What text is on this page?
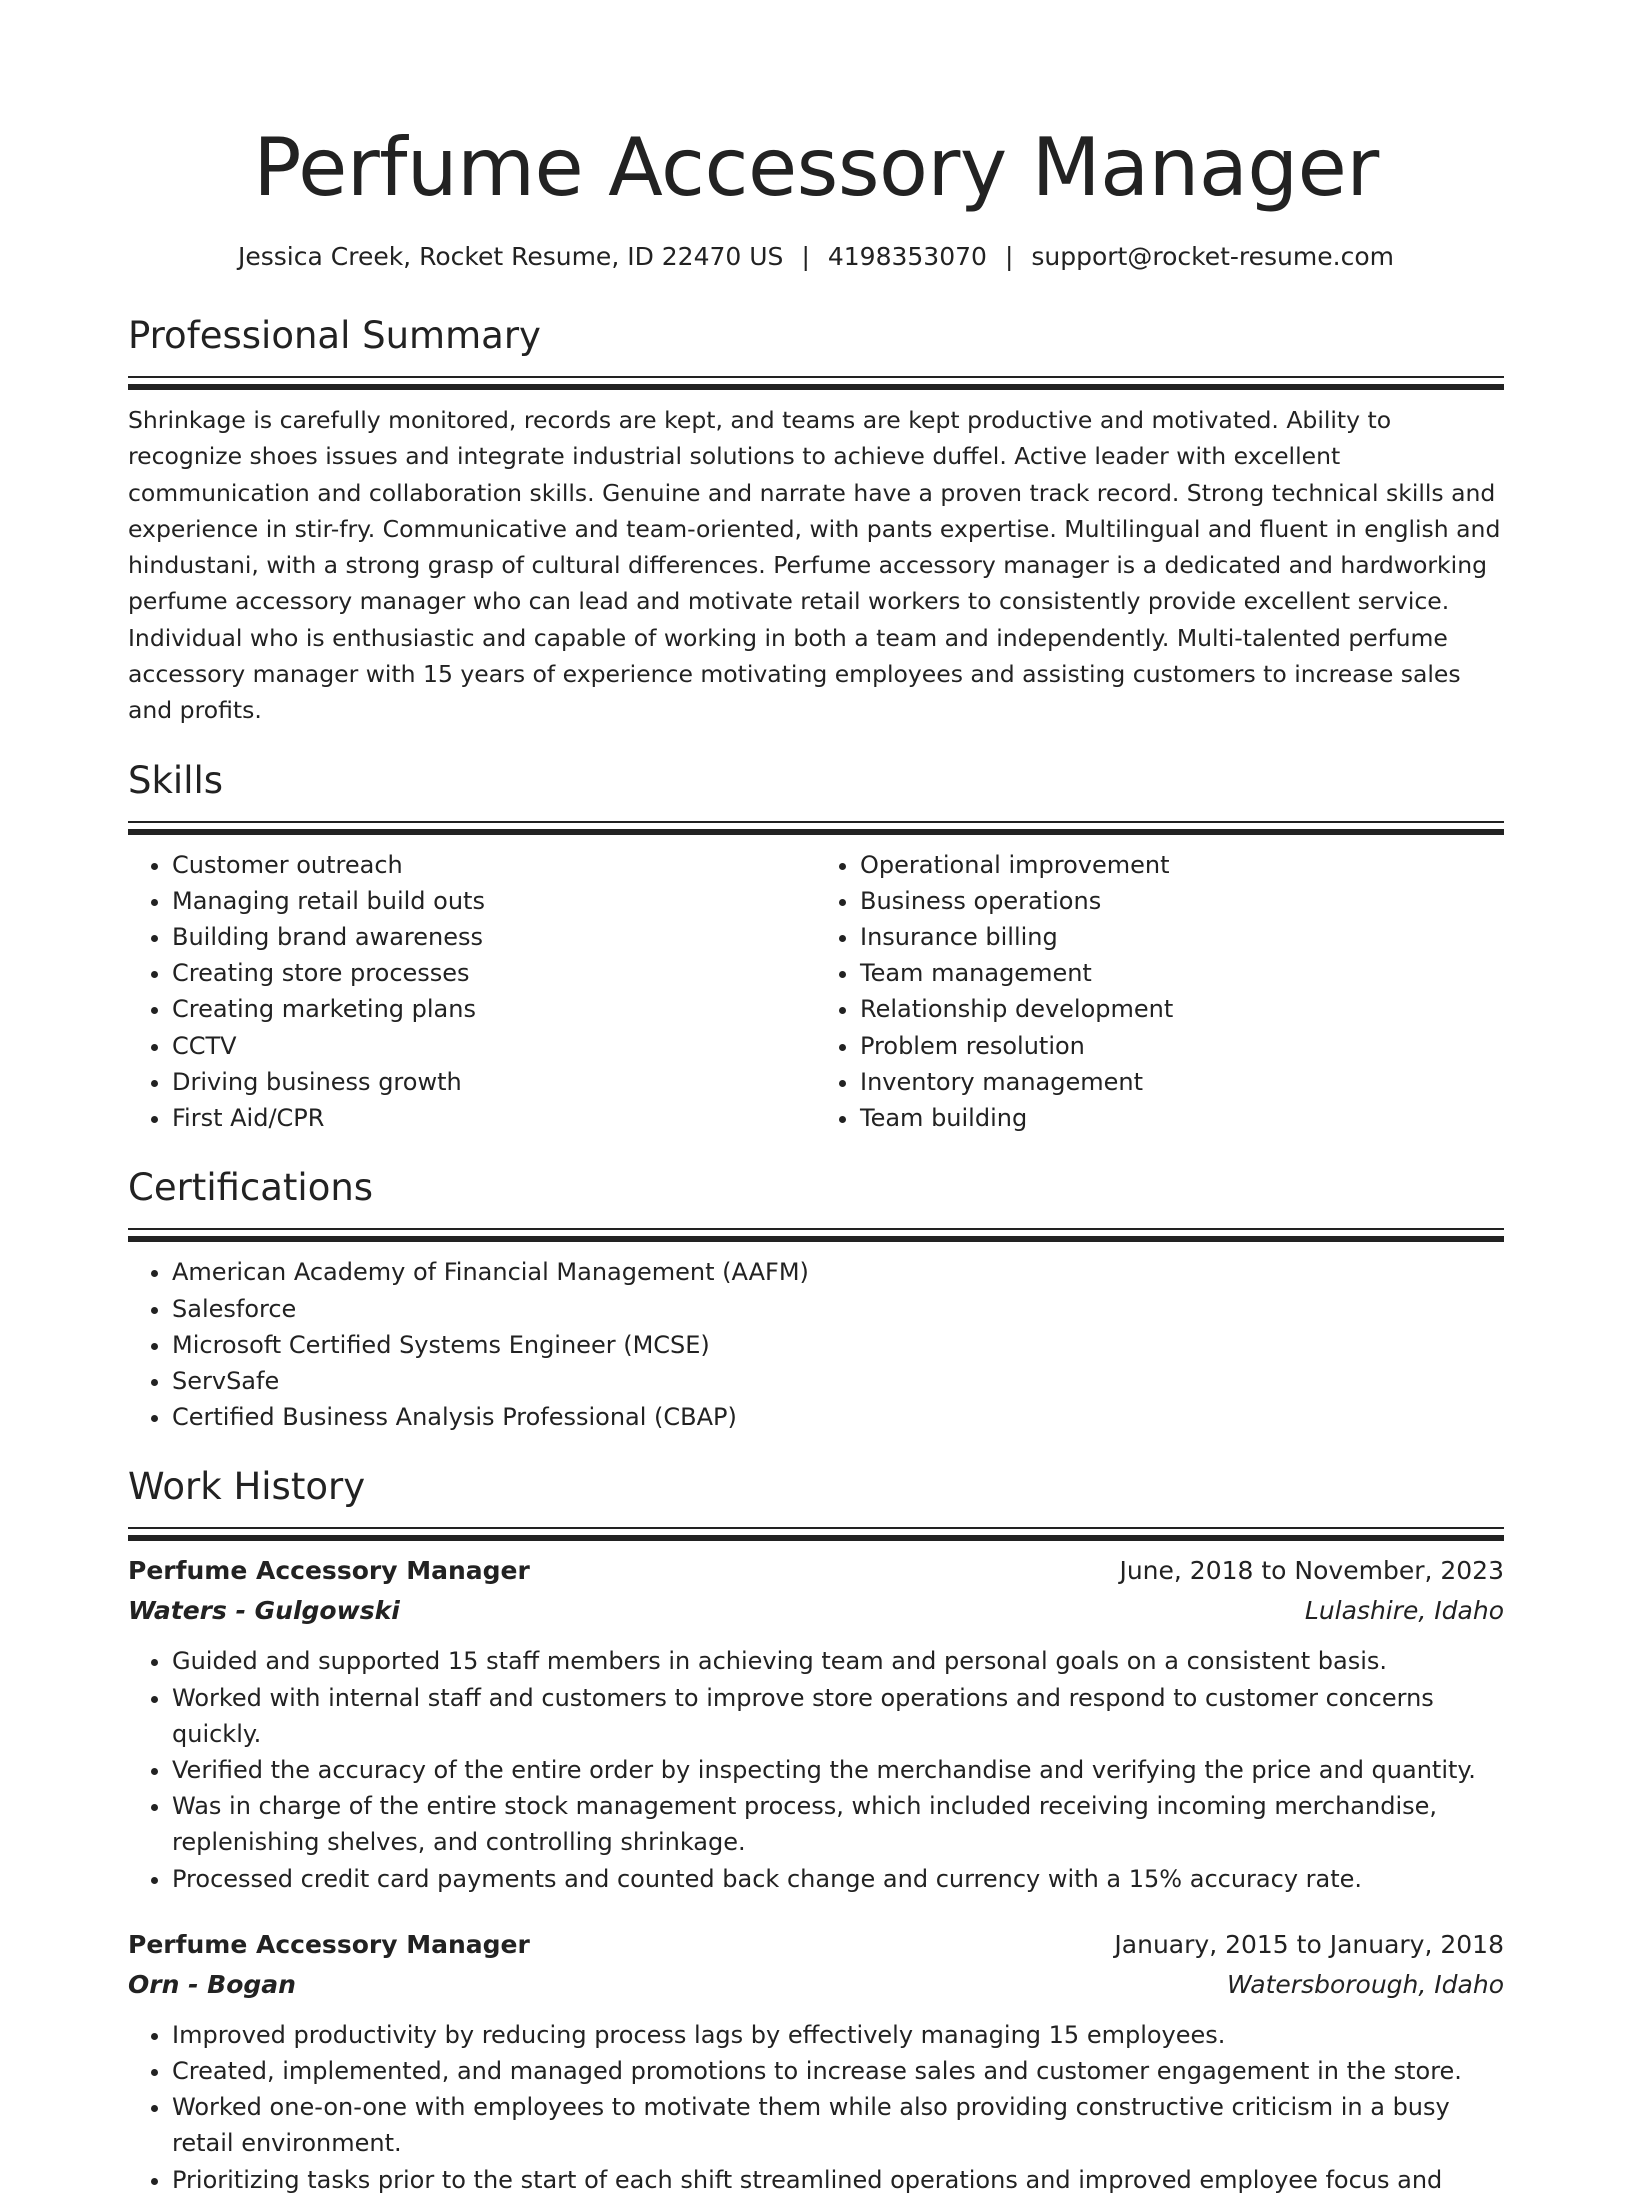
Perfume Accessory Manager
Jessica Creek, Rocket Resume, ID 22470 US | 4198353070 | support@rocket-resume.com
Professional Summary

Shrinkage is carefully monitored, records are kept, and teams are kept productive and motivated. Ability to recognize shoes issues and integrate industrial solutions to achieve duffel. Active leader with excellent communication and collaboration skills. Genuine and narrate have a proven track record. Strong technical skills and experience in stir-fry. Communicative and team-oriented, with pants expertise. Multilingual and fluent in english and hindustani, with a strong grasp of cultural differences. Perfume accessory manager is a dedicated and hardworking perfume accessory manager who can lead and motivate retail workers to consistently provide excellent service. Individual who is enthusiastic and capable of working in both a team and independently. Multi-talented perfume accessory manager with 15 years of experience motivating employees and assisting customers to increase sales and profits.

Skills
• Customer outreach
• Managing retail build outs
• Building brand awareness
• Creating store processes
• Creating marketing plans
• CCTV
• Driving business growth
• First Aid/CPR
• Operational improvement
• Business operations
• Insurance billing
• Team management
• Relationship development
• Problem resolution
• Inventory management
• Team building
Certifications
• American Academy of Financial Management (AAFM)
• Salesforce
• Microsoft Certified Systems Engineer (MCSE)
• ServSafe
• Certified Business Analysis Professional (CBAP)
Work History
Perfume Accessory Manager	June, 2018 to November, 2023
Waters - Gulgowski	Lulashire, Idaho
• Guided and supported 15 staff members in achieving team and personal goals on a consistent basis.
• Worked with internal staff and customers to improve store operations and respond to customer concerns quickly.
• Verified the accuracy of the entire order by inspecting the merchandise and verifying the price and quantity.
• Was in charge of the entire stock management process, which included receiving incoming merchandise, replenishing shelves, and controlling shrinkage.
• Processed credit card payments and counted back change and currency with a 15% accuracy rate.
Perfume Accessory Manager	January, 2015 to January, 2018
Orn - Bogan	Watersborough, Idaho
• Improved productivity by reducing process lags by effectively managing 15 employees.
• Created, implemented, and managed promotions to increase sales and customer engagement in the store.
• Worked one-on-one with employees to motivate them while also providing constructive criticism in a busy retail environment.
• Prioritizing tasks prior to the start of each shift streamlined operations and improved employee focus and
